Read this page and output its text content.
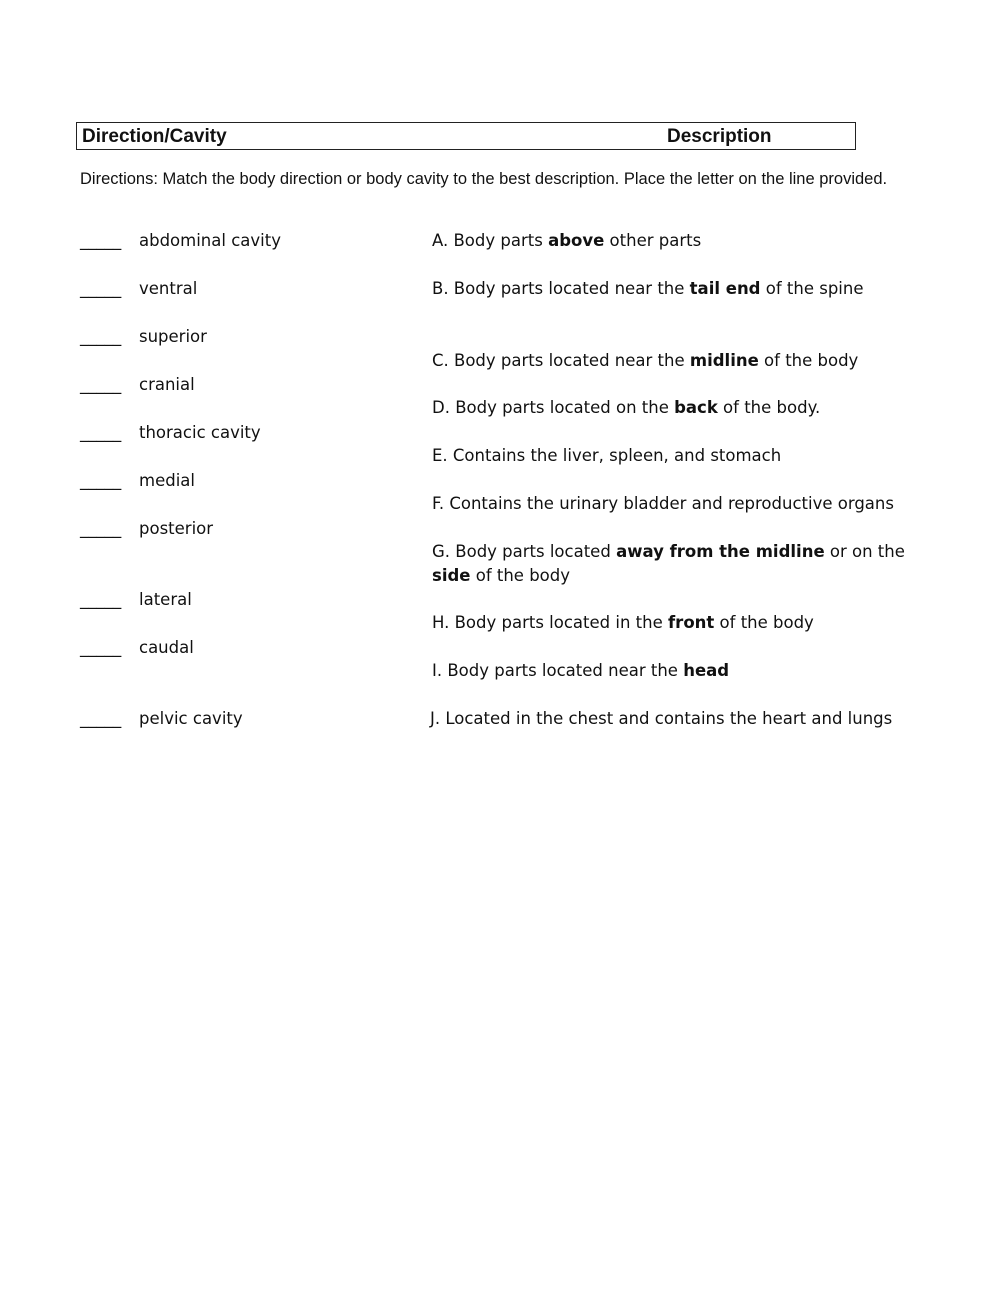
Direction/Cavity	Description
Directions: Match the body direction or body cavity to the best description. Place the letter on the line provided.
_____ abdominal cavity
_____ ventral
_____ superior
_____ cranial
_____ thoracic cavity
_____ medial
_____ posterior
_____ lateral
_____ caudal
_____ pelvic cavity
A. Body parts above other parts
B. Body parts located near the tail end of the spine
C. Body parts located near the midline of the body
D. Body parts located on the back of the body.
E. Contains the liver, spleen, and stomach
F. Contains the urinary bladder and reproductive organs
G. Body parts located away from the midline or on the side of the body
H. Body parts located in the front of the body
I. Body parts located near the head
J. Located in the chest and contains the heart and lungs
